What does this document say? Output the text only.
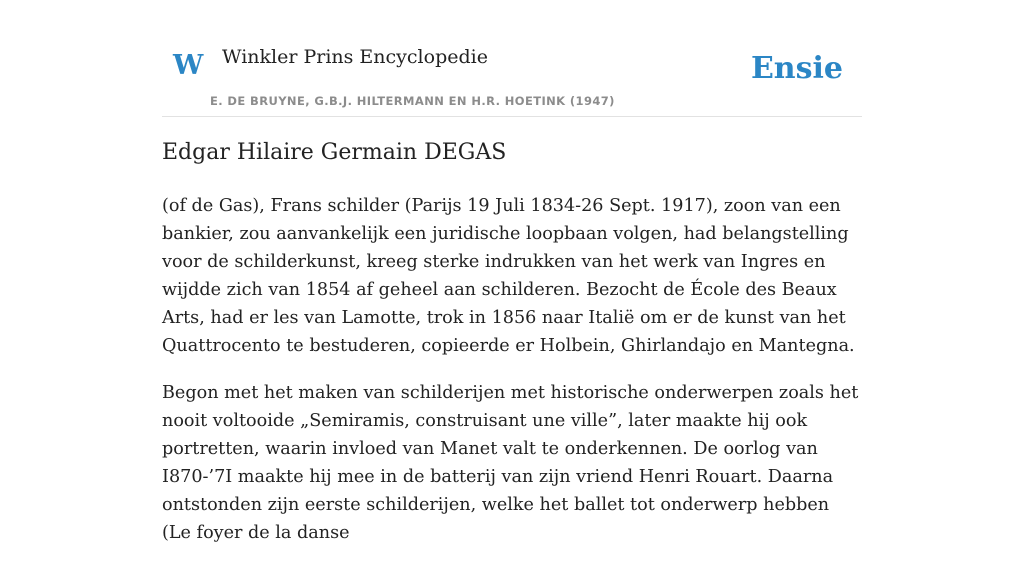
W Winkler Prins Encyclopedie
E. DE BRUYNE, G.B.J. HILTERMANN EN H.R. HOETINK (1947)
Ensie
Edgar Hilaire Germain DEGAS

(of de Gas), Frans schilder (Parijs 19 Juli 1834-26 Sept. 1917), zoon van een bankier, zou aanvankelijk een juridische loopbaan volgen, had belangstelling voor de schilderkunst, kreeg sterke indrukken van het werk van Ingres en wijdde zich van 1854 af geheel aan schilderen. Bezocht de École des Beaux Arts, had er les van Lamotte, trok in 1856 naar Italië om er de kunst van het Quattrocento te bestuderen, copieerde er Holbein, Ghirlandajo en Mantegna.

Begon met het maken van schilderijen met historische onderwerpen zoals het nooit voltooide „Semiramis, construisant une ville”, later maakte hij ook portretten, waarin invloed van Manet valt te onderkennen. De oorlog van I870-’7I maakte hij mee in de batterij van zijn vriend Henri Rouart. Daarna ontstonden zijn eerste schilderijen, welke het ballet tot onderwerp hebben (Le foyer de la danse
